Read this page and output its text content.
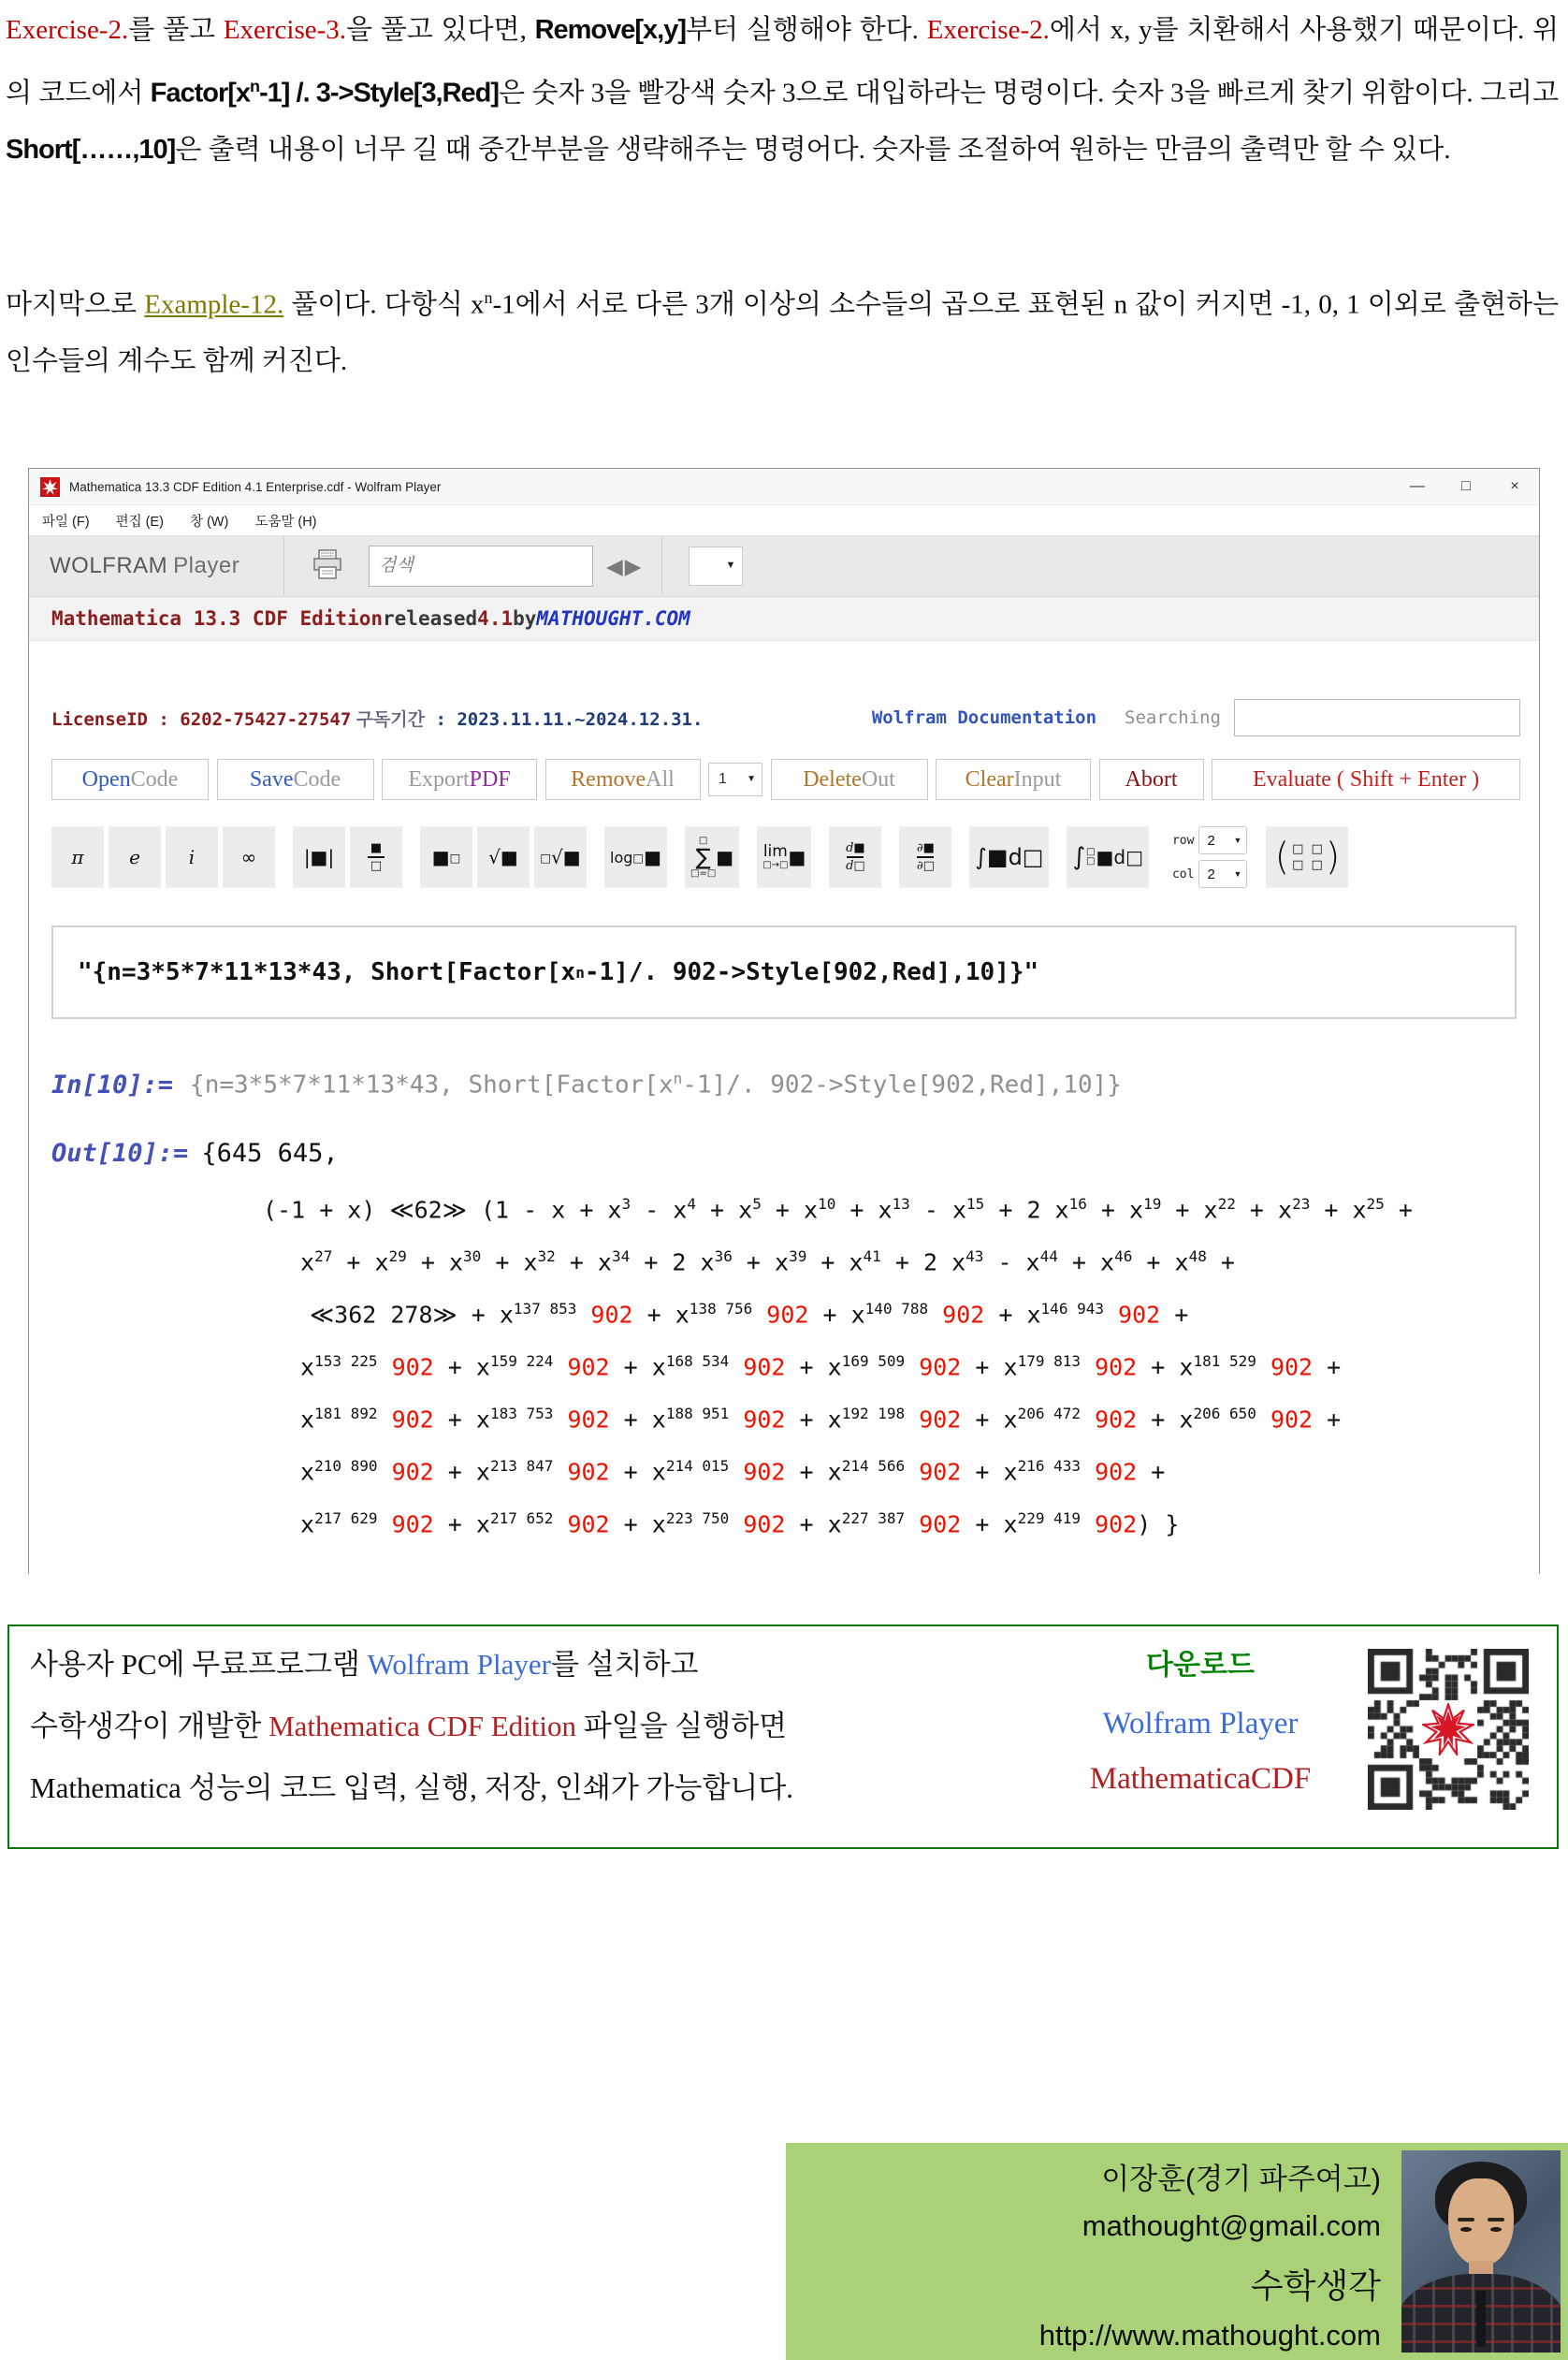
Exercise-2.를 풀고 Exercise-3.을 풀고 있다면, Remove[x,y]부터 실행해야 한다. Exercise-2.에서 x, y를 치환해서 사용했기 때문이다. 위의 코드에서 $Factor[x^n-1]$ /. 3->Style[3,Red]은 숫자 3을 빨강색 숫자 3으로 대입하라는 명령이다. 숫자 3을 빠르게 찾기 위함이다. 그리고 Short[……,10]은 출력 내용이 너무 길 때 중간부분을 생략해주는 명령어다. 숫자를 조절하여 원하는 만큼의 출력만 할 수 있다.
마지막으로 Example-12. 풀이다. 다항식 $x^n-1$에서 서로 다른 3개 이상의 소수들의 곱으로 표현된 n 값이 커지면 -1, 0, 1 이외로 출현하는 인수들의 계수도 함께 커진다.
Mathematica 13.3 CDF Edition 4.1 Enterprise.cdf - Wolfram Player	—	□	×
파일 (F) 편집 (E) 창 (W) 도움말 (H)
WOLFRAM Player
검색	◀▶	▼
Mathematica 13.3 CDF Edition released 4.1 by MATHOUGHT.COM
LicenseID : 6202-75427-27547 구독기간 : 2023.11.11.~2024.12.31.	Wolfram Documentation Searching
Open Code	Save Code	Export PDF	Remove All	1 ▼ Delete Out	Clear Input	Abort	Evaluate ( Shift + Enter )
π e	i ∞	|■|	■
□	■ □ √■ □ √■ log □ ■
□
∑
□=□
■ lim
□→□ ■	d■
d□
∂■
∂□ ∫■d□ ∫ □
□ ■d□
row 2 ▼
col 2 ▼ ( □ □
□ □ )
"{n=3*5*7*11*13*43, Short[Factor[x n -1]/. 902->Style[902,Red],10]}"
In[10]:= {n=3*5*7*11*13*43, $Short[Factor[x^n-1]/$. 902->Style[902,Red],10]}
Out[10]:= {645 645,
(-1 + x) ≪62≫ ($1 - x + x^3 - x^4 + x^5 + x^{10} + x^{13} - x^{15} + 2$ $x^{16} + x^{19} + x^{22} + x^{23} + x^{25}$ +
$x^{27} + x^{29} + x^{30} + x^{32} + x^{34} + 2$ $x^{36} + x^{39} + x^{41} + 2$ $x^{43} - x^{44} + x^{46} + x^{48}$ +
≪362 278≫ + $x^{137 853}$ $902 + x^{138 756}$ $902 + x^{140 788}$ $902 + x^{146 943}$ 902 +
$x^{153 225}$ $902 + x^{159 224}$ $902 + x^{168 534}$ $902 + x^{169 509}$ $902 + x^{179 813}$ $902 + x^{181 529}$ 902 +
$x^{181 892}$ $902 + x^{183 753}$ $902 + x^{188 951}$ $902 + x^{192 198}$ $902 + x^{206 472}$ $902 + x^{206 650}$ 902 +
$x^{210 890}$ $902 + x^{213 847}$ $902 + x^{214 015}$ $902 + x^{214 566}$ $902 + x^{216 433}$ 902 +
$x^{217 629}$ $902 + x^{217 652}$ $902 + x^{223 750}$ $902 + x^{227 387}$ $902 + x^{229 419}$ 902) }
사용자 PC에 무료프로그램 Wolfram Player를 설치하고
수학생각이 개발한 Mathematica CDF Edition 파일을 실행하면
Mathematica 성능의 코드 입력, 실행, 저장, 인쇄가 가능합니다.
다운로드
Wolfram Player
MathematicaCDF
이장훈(경기 파주여고)
mathought@gmail.com
수학생각
http://www.mathought.com
